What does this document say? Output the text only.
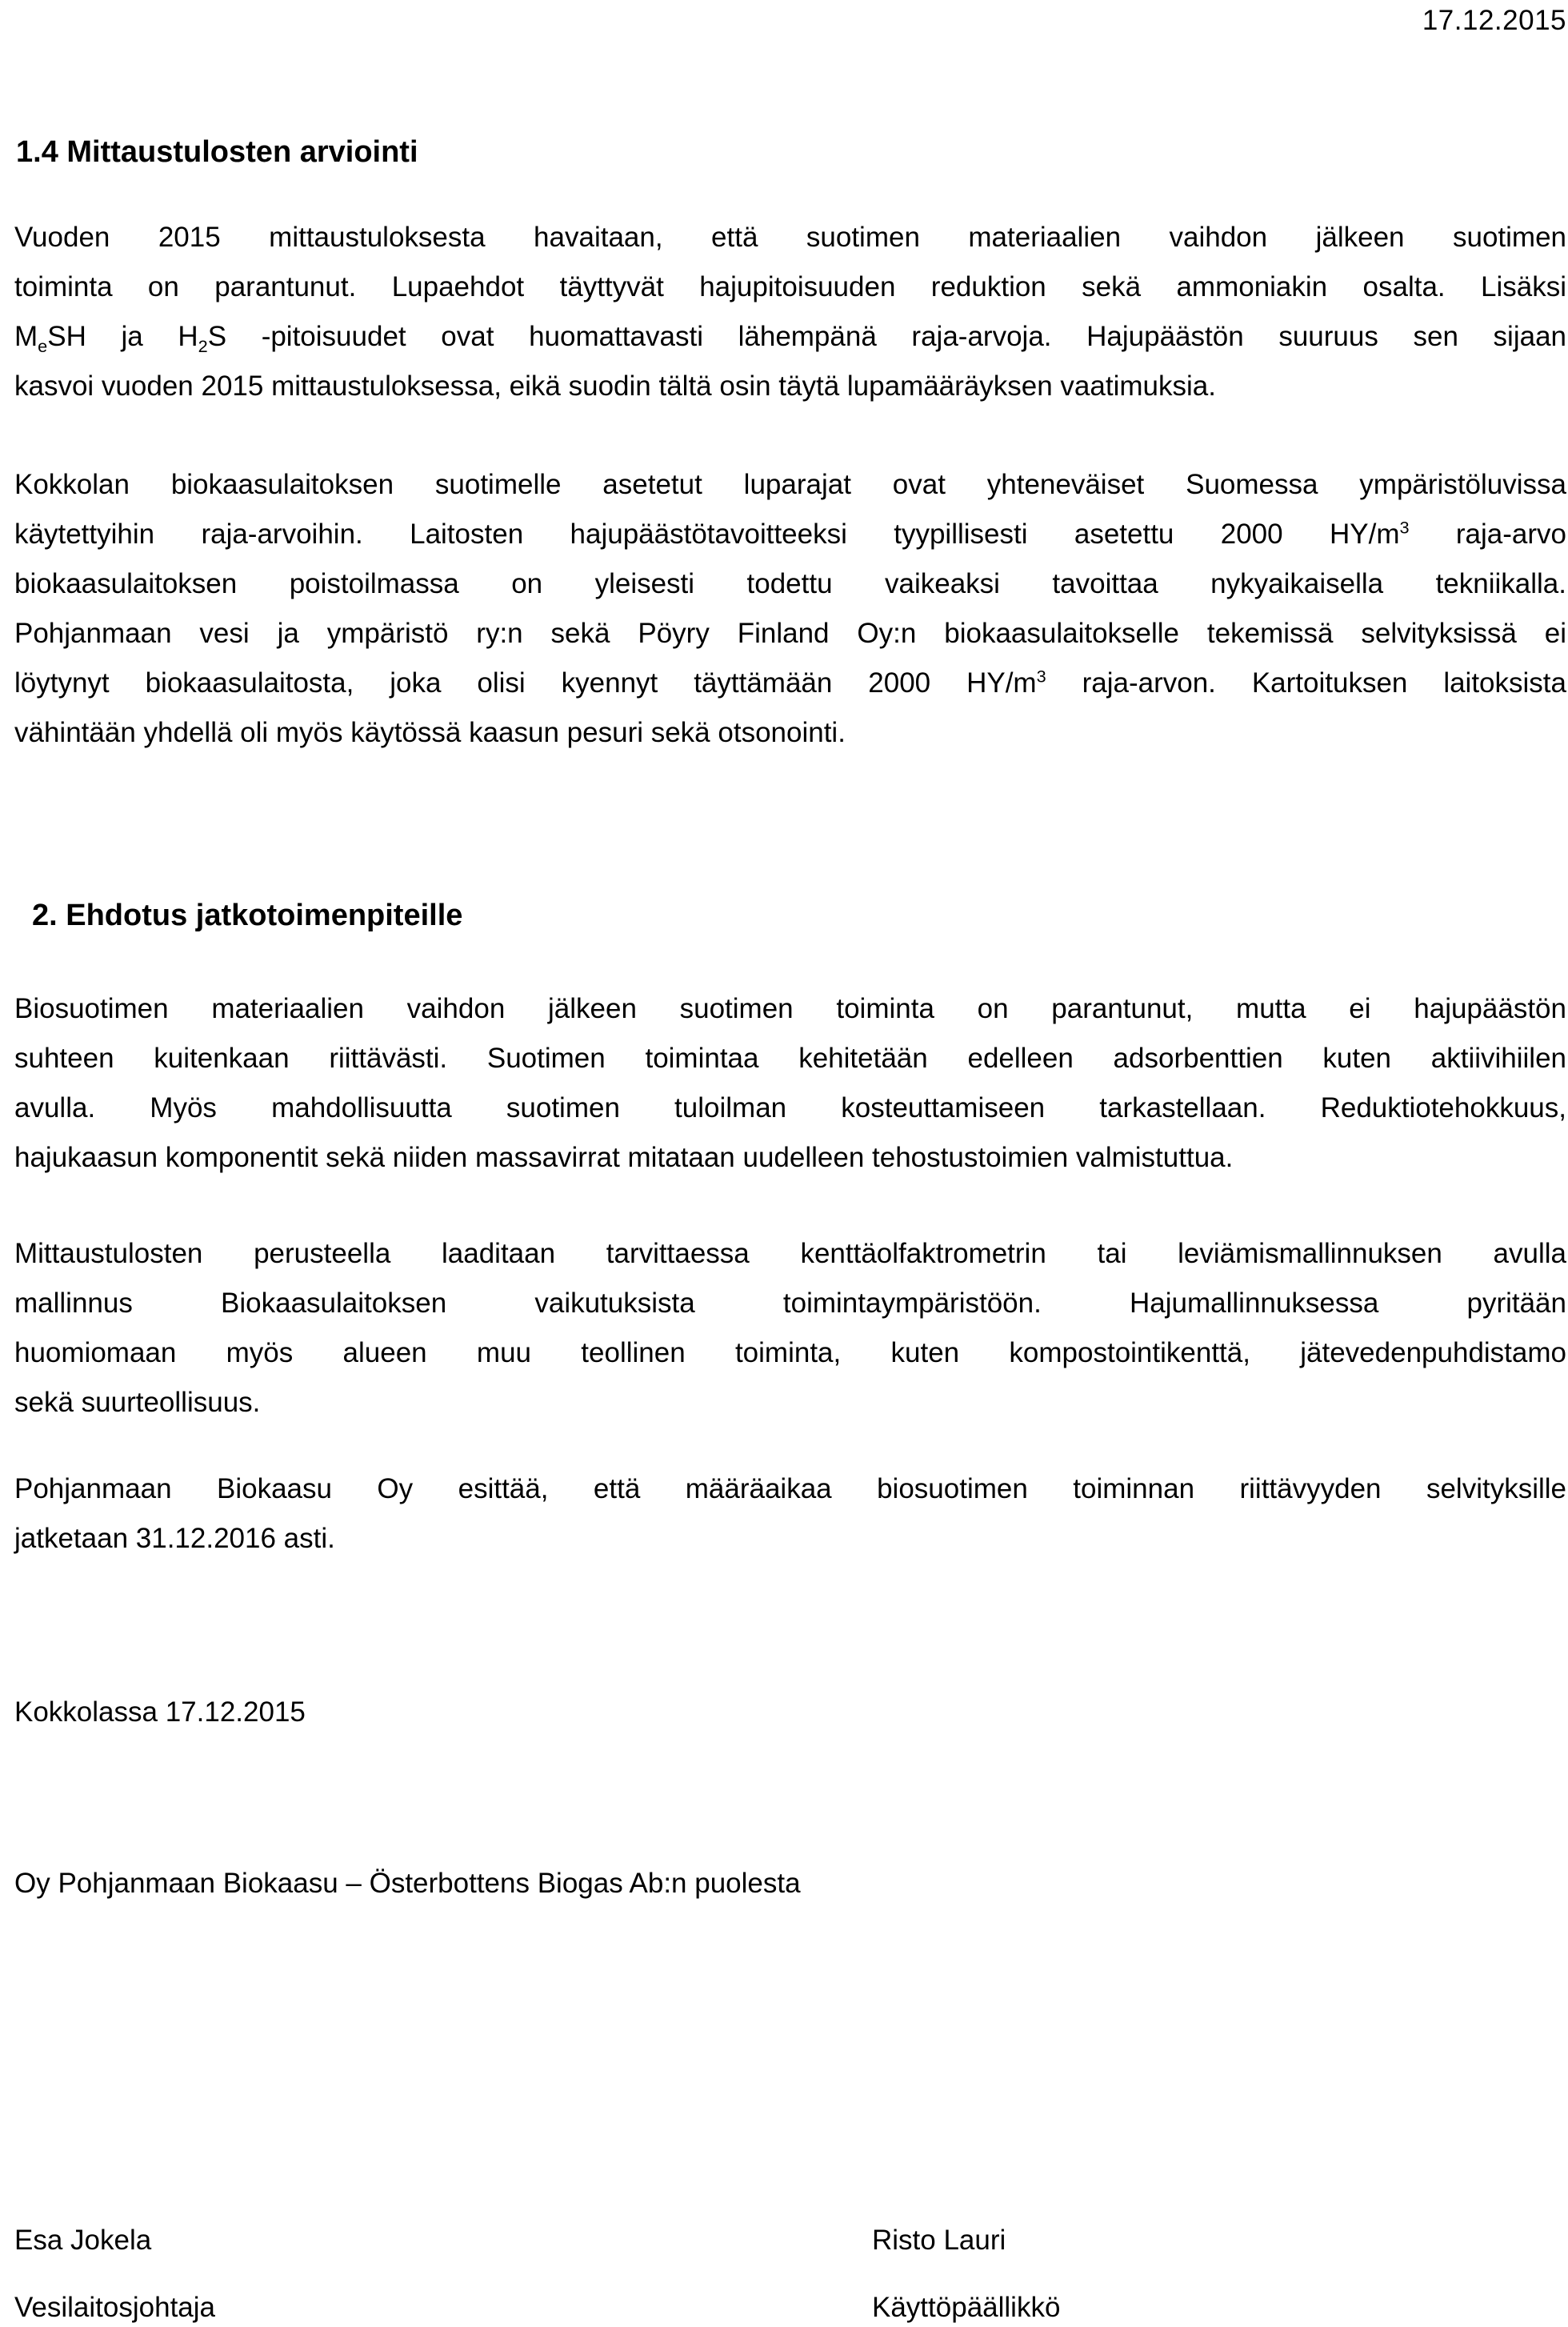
17.12.2015
1.4 Mittaustulosten arviointi
Vuoden 2015 mittaustuloksesta havaitaan, että suotimen materiaalien vaihdon jälkeen suotimen
toiminta on parantunut. Lupaehdot täyttyvät hajupitoisuuden reduktion sekä ammoniakin osalta. Lisäksi
$M_eSH$ ja $H_2S$ -pitoisuudet ovat huomattavasti lähempänä raja-arvoja. Hajupäästön suuruus sen sijaan
kasvoi vuoden 2015 mittaustuloksessa, eikä suodin tältä osin täytä lupamääräyksen vaatimuksia.
Kokkolan biokaasulaitoksen suotimelle asetetut luparajat ovat yhteneväiset Suomessa ympäristöluvissa
käytettyihin raja-arvoihin. Laitosten hajupäästötavoitteeksi tyypillisesti asetettu 2000 $HY/m^3$ raja-arvo
biokaasulaitoksen poistoilmassa on yleisesti todettu vaikeaksi tavoittaa nykyaikaisella tekniikalla.
Pohjanmaan vesi ja ympäristö ry:n sekä Pöyry Finland Oy:n biokaasulaitokselle tekemissä selvityksissä ei
löytynyt biokaasulaitosta, joka olisi kyennyt täyttämään 2000 $HY/m^3$ raja-arvon. Kartoituksen laitoksista
vähintään yhdellä oli myös käytössä kaasun pesuri sekä otsonointi.
2. Ehdotus jatkotoimenpiteille
Biosuotimen materiaalien vaihdon jälkeen suotimen toiminta on parantunut, mutta ei hajupäästön
suhteen kuitenkaan riittävästi. Suotimen toimintaa kehitetään edelleen adsorbenttien kuten aktiivihiilen
avulla. Myös mahdollisuutta suotimen tuloilman kosteuttamiseen tarkastellaan. Reduktiotehokkuus,
hajukaasun komponentit sekä niiden massavirrat mitataan uudelleen tehostustoimien valmistuttua.
Mittaustulosten perusteella laaditaan tarvittaessa kenttäolfaktrometrin tai leviämismallinnuksen avulla
mallinnus Biokaasulaitoksen vaikutuksista toimintaympäristöön. Hajumallinnuksessa pyritään
huomiomaan myös alueen muu teollinen toiminta, kuten kompostointikenttä, jätevedenpuhdistamo
sekä suurteollisuus.
Pohjanmaan Biokaasu Oy esittää, että määräaikaa biosuotimen toiminnan riittävyyden selvityksille
jatketaan 31.12.2016 asti.
Kokkolassa 17.12.2015
Oy Pohjanmaan Biokaasu – Österbottens Biogas Ab:n puolesta
Esa Jokela
Vesilaitosjohtaja
Risto Lauri
Käyttöpäällikkö
